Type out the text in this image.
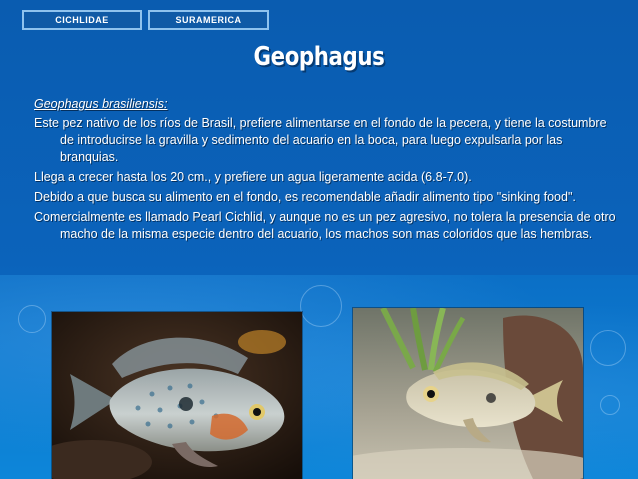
CICHLIDAE	SURAMERICA
Geophagus

Geophagus brasiliensis:

Este pez nativo de los ríos de Brasil, prefiere alimentarse en el fondo de la pecera, y tiene la costumbre de introducirse la gravilla y sedimento del acuario en la boca, para luego expulsarla por las branquias.

Llega a crecer hasta los 20 cm., y prefiere un agua ligeramente acida (6.8-7.0).

Debido a que busca su alimento en el fondo, es recomendable añadir alimento tipo "sinking food".

Comercialmente es llamado Pearl Cichlid, y aunque no es un pez agresivo, no tolera la presencia de otro macho de la misma especie dentro del acuario, los machos son mas coloridos que las hembras.
